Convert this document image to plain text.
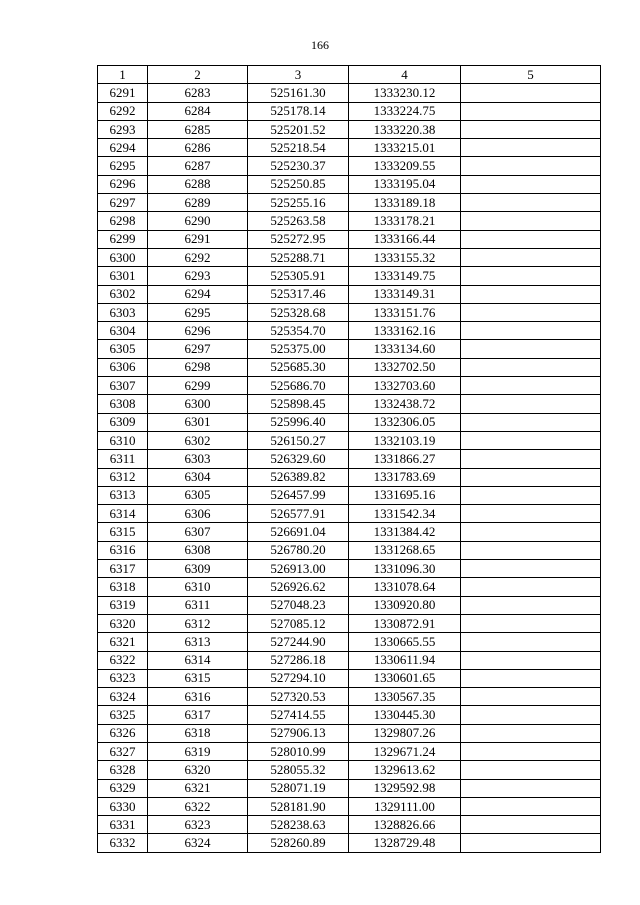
166
1	2	3	4	5
6291	6283	525161.30	1333230.12	
6292	6284	525178.14	1333224.75	
6293	6285	525201.52	1333220.38	
6294	6286	525218.54	1333215.01	
6295	6287	525230.37	1333209.55	
6296	6288	525250.85	1333195.04	
6297	6289	525255.16	1333189.18	
6298	6290	525263.58	1333178.21	
6299	6291	525272.95	1333166.44	
6300	6292	525288.71	1333155.32	
6301	6293	525305.91	1333149.75	
6302	6294	525317.46	1333149.31	
6303	6295	525328.68	1333151.76	
6304	6296	525354.70	1333162.16	
6305	6297	525375.00	1333134.60	
6306	6298	525685.30	1332702.50	
6307	6299	525686.70	1332703.60	
6308	6300	525898.45	1332438.72	
6309	6301	525996.40	1332306.05	
6310	6302	526150.27	1332103.19	
6311	6303	526329.60	1331866.27	
6312	6304	526389.82	1331783.69	
6313	6305	526457.99	1331695.16	
6314	6306	526577.91	1331542.34	
6315	6307	526691.04	1331384.42	
6316	6308	526780.20	1331268.65	
6317	6309	526913.00	1331096.30	
6318	6310	526926.62	1331078.64	
6319	6311	527048.23	1330920.80	
6320	6312	527085.12	1330872.91	
6321	6313	527244.90	1330665.55	
6322	6314	527286.18	1330611.94	
6323	6315	527294.10	1330601.65	
6324	6316	527320.53	1330567.35	
6325	6317	527414.55	1330445.30	
6326	6318	527906.13	1329807.26	
6327	6319	528010.99	1329671.24	
6328	6320	528055.32	1329613.62	
6329	6321	528071.19	1329592.98	
6330	6322	528181.90	1329111.00	
6331	6323	528238.63	1328826.66	
6332	6324	528260.89	1328729.48	
